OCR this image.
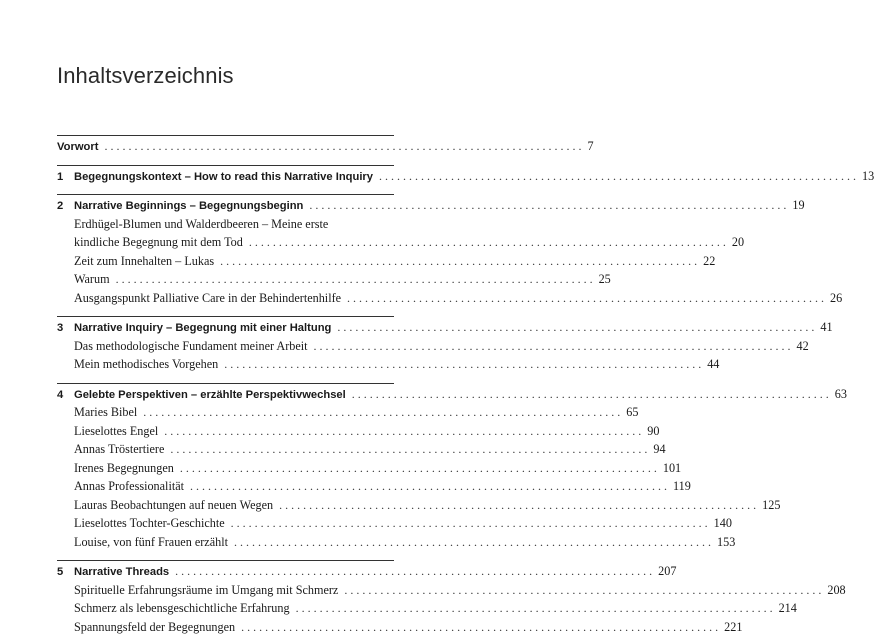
Inhaltsverzeichnis
Vorwort . . .	7
1 Begegnungskontext – How to read this Narrative Inquiry . . .	13
2 Narrative Beginnings – Begegnungsbeginn . . .	19
Erdhügel-Blumen und Walderdbeeren – Meine erste
kindliche Begegnung mit dem Tod . . .	20
Zeit zum Innehalten – Lukas . . .	22
Warum . . .	25
Ausgangspunkt Palliative Care in der Behindertenhilfe . . .	26
3 Narrative Inquiry – Begegnung mit einer Haltung . . .	41
Das methodologische Fundament meiner Arbeit . . .	42
Mein methodisches Vorgehen . . .	44
4 Gelebte Perspektiven – erzählte Perspektivwechsel . . .	63
Maries Bibel . . .	65
Lieselottes Engel . . .	90
Annas Tröstertiere . . .	94
Irenes Begegnungen . . .	101
Annas Professionalität . . .	119
Lauras Beobachtungen auf neuen Wegen . . .	125
Lieselottes Tochter-Geschichte . . .	140
Louise, von fünf Frauen erzählt . . .	153
5 Narrative Threads . . .	207
Spirituelle Erfahrungsräume im Umgang mit Schmerz . . .	208
Schmerz als lebensgeschichtliche Erfahrung . . .	214
Spannungsfeld der Begegnungen . . .	221
